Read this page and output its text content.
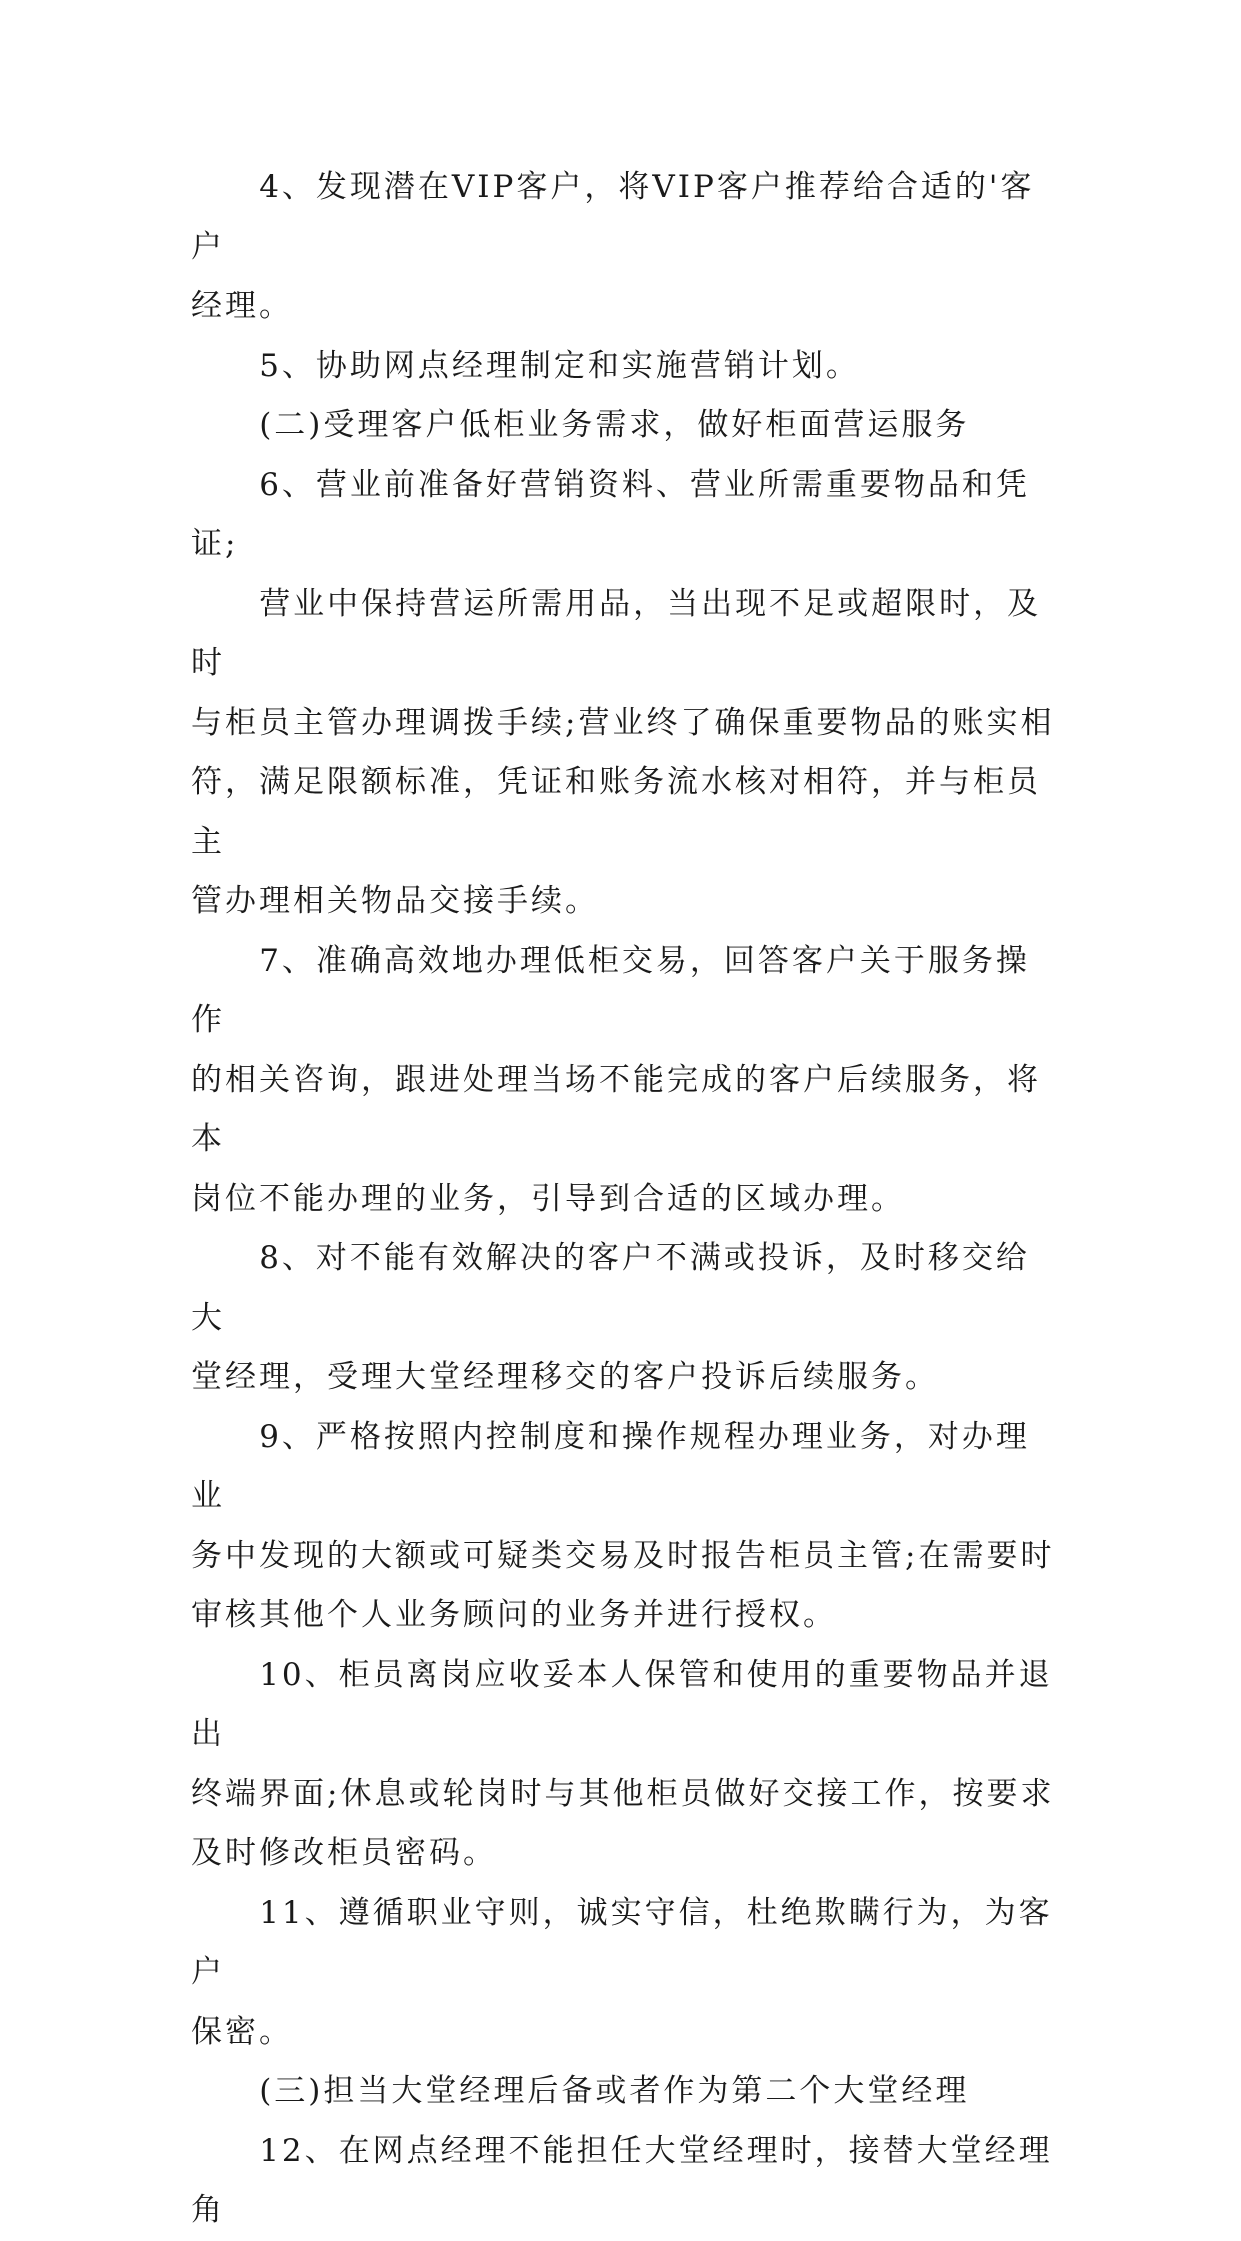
4、发现潜在VIP客户，将VIP客户推荐给合适的'客户
经理。
5、协助网点经理制定和实施营销计划。
(二)受理客户低柜业务需求，做好柜面营运服务
6、营业前准备好营销资料、营业所需重要物品和凭证;
营业中保持营运所需用品，当出现不足或超限时，及时
与柜员主管办理调拨手续;营业终了确保重要物品的账实相
符，满足限额标准，凭证和账务流水核对相符，并与柜员主
管办理相关物品交接手续。
7、准确高效地办理低柜交易，回答客户关于服务操作
的相关咨询，跟进处理当场不能完成的客户后续服务，将本
岗位不能办理的业务，引导到合适的区域办理。
8、对不能有效解决的客户不满或投诉，及时移交给大
堂经理，受理大堂经理移交的客户投诉后续服务。
9、严格按照内控制度和操作规程办理业务，对办理业
务中发现的大额或可疑类交易及时报告柜员主管;在需要时
审核其他个人业务顾问的业务并进行授权。
10、柜员离岗应收妥本人保管和使用的重要物品并退出
终端界面;休息或轮岗时与其他柜员做好交接工作，按要求
及时修改柜员密码。
11、遵循职业守则，诚实守信，杜绝欺瞒行为，为客户
保密。
(三)担当大堂经理后备或者作为第二个大堂经理
12、在网点经理不能担任大堂经理时，接替大堂经理角
